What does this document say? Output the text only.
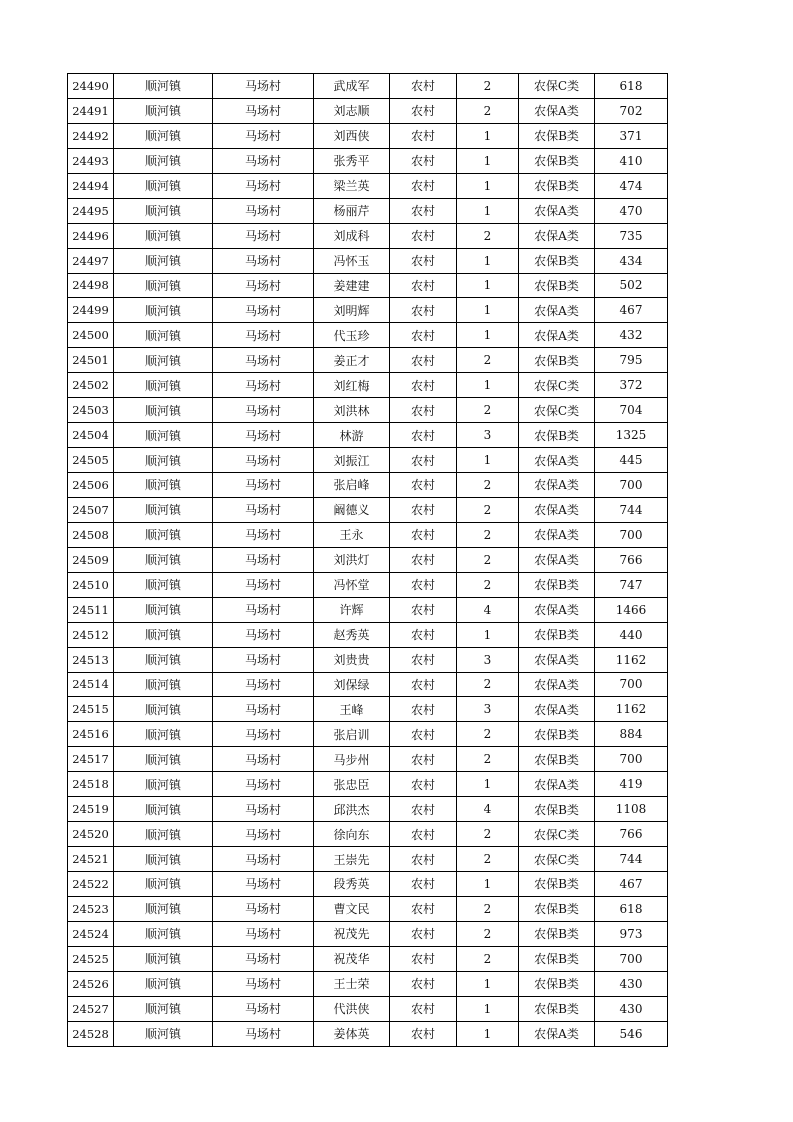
24490	顺河镇	马场村	武成军	农村	2	农保C类	618
24491	顺河镇	马场村	刘志顺	农村	2	农保A类	702
24492	顺河镇	马场村	刘西侠	农村	1	农保B类	371
24493	顺河镇	马场村	张秀平	农村	1	农保B类	410
24494	顺河镇	马场村	梁兰英	农村	1	农保B类	474
24495	顺河镇	马场村	杨丽芹	农村	1	农保A类	470
24496	顺河镇	马场村	刘成科	农村	2	农保A类	735
24497	顺河镇	马场村	冯怀玉	农村	1	农保B类	434
24498	顺河镇	马场村	姜建建	农村	1	农保B类	502
24499	顺河镇	马场村	刘明辉	农村	1	农保A类	467
24500	顺河镇	马场村	代玉珍	农村	1	农保A类	432
24501	顺河镇	马场村	姜正才	农村	2	农保B类	795
24502	顺河镇	马场村	刘红梅	农村	1	农保C类	372
24503	顺河镇	马场村	刘洪林	农村	2	农保C类	704
24504	顺河镇	马场村	林游	农村	3	农保B类	1325
24505	顺河镇	马场村	刘振江	农村	1	农保A类	445
24506	顺河镇	马场村	张启峰	农村	2	农保A类	700
24507	顺河镇	马场村	阚德义	农村	2	农保A类	744
24508	顺河镇	马场村	王永	农村	2	农保A类	700
24509	顺河镇	马场村	刘洪灯	农村	2	农保A类	766
24510	顺河镇	马场村	冯怀堂	农村	2	农保B类	747
24511	顺河镇	马场村	许辉	农村	4	农保A类	1466
24512	顺河镇	马场村	赵秀英	农村	1	农保B类	440
24513	顺河镇	马场村	刘贵贵	农村	3	农保A类	1162
24514	顺河镇	马场村	刘保绿	农村	2	农保A类	700
24515	顺河镇	马场村	王峰	农村	3	农保A类	1162
24516	顺河镇	马场村	张启训	农村	2	农保B类	884
24517	顺河镇	马场村	马步州	农村	2	农保B类	700
24518	顺河镇	马场村	张忠臣	农村	1	农保A类	419
24519	顺河镇	马场村	邱洪杰	农村	4	农保B类	1108
24520	顺河镇	马场村	徐向东	农村	2	农保C类	766
24521	顺河镇	马场村	王崇先	农村	2	农保C类	744
24522	顺河镇	马场村	段秀英	农村	1	农保B类	467
24523	顺河镇	马场村	曹文民	农村	2	农保B类	618
24524	顺河镇	马场村	祝茂先	农村	2	农保B类	973
24525	顺河镇	马场村	祝茂华	农村	2	农保B类	700
24526	顺河镇	马场村	王士荣	农村	1	农保B类	430
24527	顺河镇	马场村	代洪侠	农村	1	农保B类	430
24528	顺河镇	马场村	姜体英	农村	1	农保A类	546
